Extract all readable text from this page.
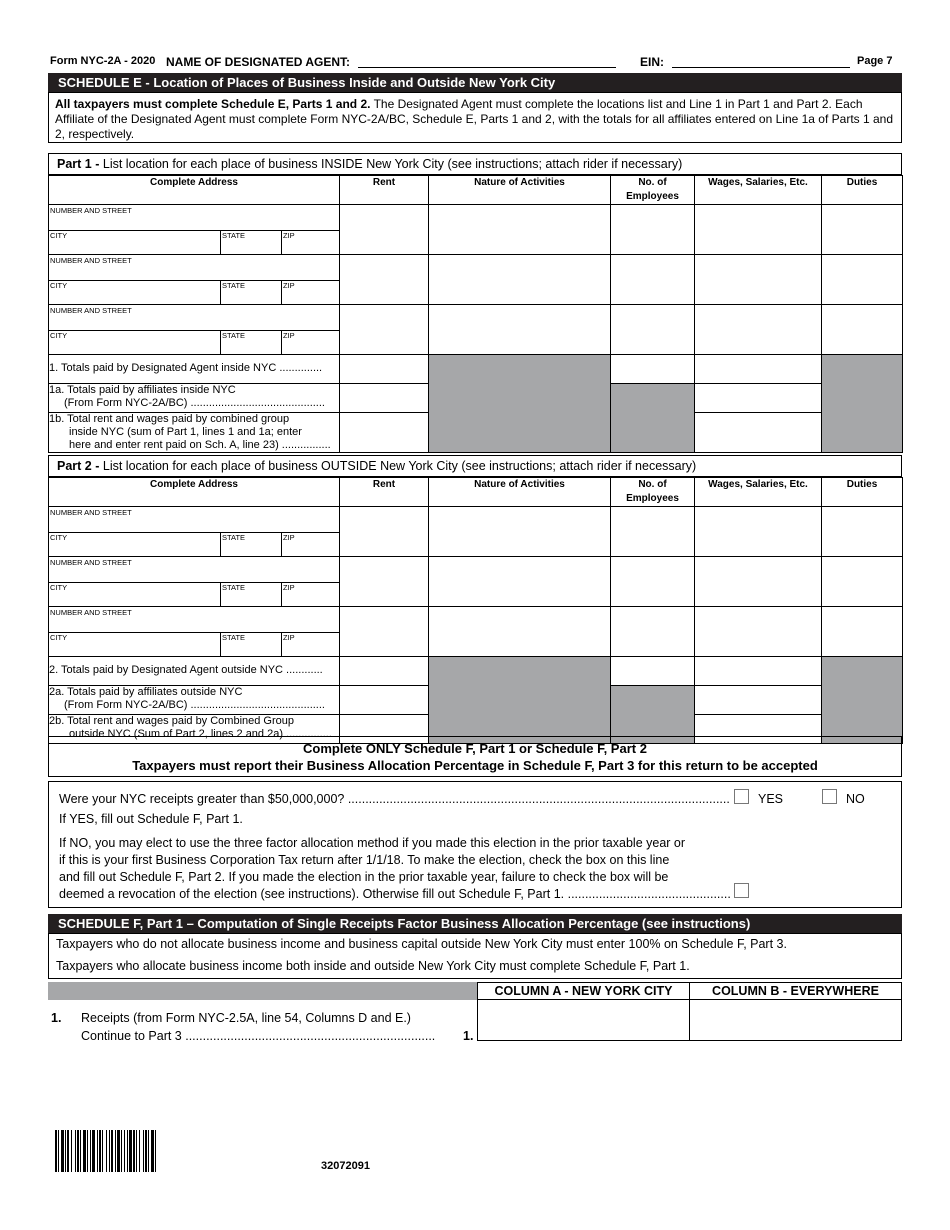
Form NYC-2A - 2020 NAME OF DESIGNATED AGENT:	EIN:	Page 7
SCHEDULE E - Location of Places of Business Inside and Outside New York City
All taxpayers must complete Schedule E, Parts 1 and 2. The Designated Agent must complete the locations list and Line 1 in Part 1 and Part 2. Each Affiliate of the Designated Agent must complete Form NYC-2A/BC, Schedule E, Parts 1 and 2, with the totals for all affiliates entered on Line 1a of Parts 1 and 2, respectively.
Part 1 - List location for each place of business INSIDE New York City (see instructions; attach rider if necessary)
Complete Address	Rent	Nature of Activities	No. of Employees	Wages, Salaries, Etc.	Duties

NUMBER AND STREET
CITY STATE ZIP					

NUMBER AND STREET
CITY STATE ZIP					

NUMBER AND STREET
CITY STATE ZIP					

1. Totals paid by Designated Agent inside NYC ..............					

1a. Totals paid by affiliates inside NYC
(From Form NYC-2A/BC) ............................................					

1b. Total rent and wages paid by combined group
inside NYC (sum of Part 1, lines 1 and 1a; enter
here and enter rent paid on Sch. A, line 23) ................					

Part 2 - List location for each place of business OUTSIDE New York City (see instructions; attach rider if necessary)
Complete Address	Rent	Nature of Activities	No. of Employees	Wages, Salaries, Etc.	Duties

NUMBER AND STREET
CITY STATE ZIP					

NUMBER AND STREET
CITY STATE ZIP					

NUMBER AND STREET
CITY STATE ZIP					

2. Totals paid by Designated Agent outside NYC ............					

2a. Totals paid by affiliates outside NYC
(From Form NYC-2A/BC) ............................................					

2b. Total rent and wages paid by Combined Group
outside NYC (Sum of Part 2, lines 2 and 2a) ...............					

Complete ONLY Schedule F, Part 1 or Schedule F, Part 2
Taxpayers must report their Business Allocation Percentage in Schedule F, Part 3 for this return to be accepted
Were your NYC receipts greater than $50,000,000? .............................................................................................................. YES	NO
If YES, fill out Schedule F, Part 1.
If NO, you may elect to use the three factor allocation method if you made this election in the prior taxable year or
if this is your first Business Corporation Tax return after 1/1/18. To make the election, check the box on this line
and fill out Schedule F, Part 2. If you made the election in the prior taxable year, failure to check the box will be
deemed a revocation of the election (see instructions). Otherwise fill out Schedule F, Part 1. ...............................................
SCHEDULE F, Part 1 – Computation of Single Receipts Factor Business Allocation Percentage (see instructions)
Taxpayers who do not allocate business income and business capital outside New York City must enter 100% on Schedule F, Part 3.
Taxpayers who allocate business income both inside and outside New York City must complete Schedule F, Part 1.
COLUMN A - NEW YORK CITY	COLUMN B - EVERYWHERE
1. Receipts (from Form NYC-2.5A, line 54, Columns D and E.)
Continue to Part 3 ........................................................................ 1.
32072091
